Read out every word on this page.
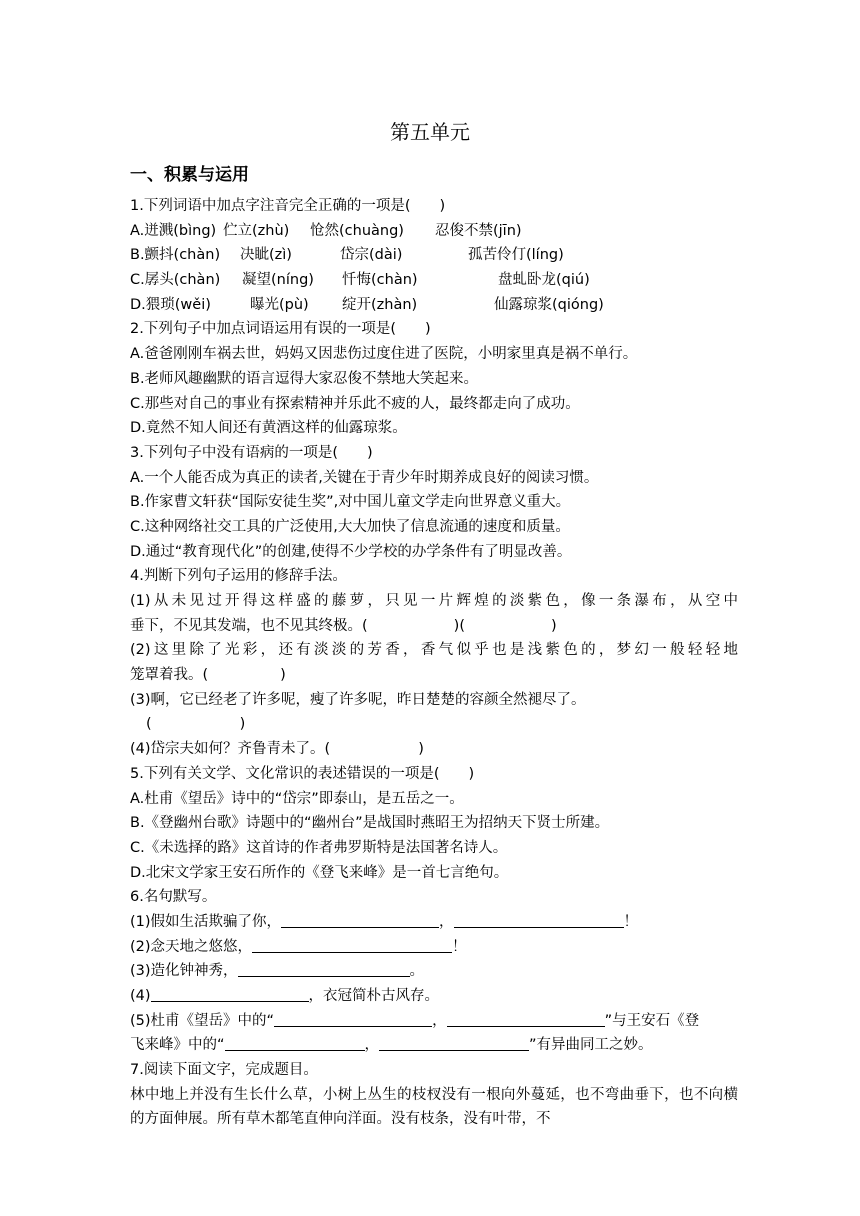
第五单元
一、积累与运用
1.下列词语中加点字注音完全正确的一项是(　　)
A.迸溅(bìng) 伫立(zhù) 怆然(chuàng) 忍俊不禁(jīn)
B.颤抖(chàn) 决眦(zì)	岱宗(dài)	孤苦伶仃(líng)
C.孱头(chàn) 凝望(níng) 忏悔(chàn)	盘虬卧龙(qiú)
D.猥琐(wěi)	曝光(pù) 绽开(zhàn)	仙露琼浆(qióng)
2.下列句子中加点词语运用有误的一项是(　　)
A.爸爸刚刚车祸去世，妈妈又因悲伤过度住进了医院，小明家里真是祸不单行。
B.老师风趣幽默的语言逗得大家忍俊不禁地大笑起来。
C.那些对自己的事业有探索精神并乐此不疲的人，最终都走向了成功。
D.竟然不知人间还有黄酒这样的仙露琼浆。
3.下列句子中没有语病的一项是(　　)
A.一个人能否成为真正的读者,关键在于青少年时期养成良好的阅读习惯。
B.作家曹文轩获“国际安徒生奖”,对中国儿童文学走向世界意义重大。
C.这种网络社交工具的广泛使用,大大加快了信息流通的速度和质量。
D.通过“教育现代化”的创建,使得不少学校的办学条件有了明显改善。
4.判断下列句子运用的修辞手法。
(1)从未见过开得这样盛的藤萝，只见一片辉煌的淡紫色，像一条瀑布，从空中
垂下，不见其发端，也不见其终极。(	)(	)
(2)这里除了光彩，还有淡淡的芳香，香气似乎也是浅紫色的，梦幻一般轻轻地
笼罩着我。(	)
(3)啊，它已经老了许多呢，瘦了许多呢，昨日楚楚的容颜全然褪尽了。
(	)
(4)岱宗夫如何？齐鲁青未了。(	)
5.下列有关文学、文化常识的表述错误的一项是(　　)
A.杜甫《望岳》诗中的“岱宗”即泰山，是五岳之一。
B.《登幽州台歌》诗题中的“幽州台”是战国时燕昭王为招纳天下贤士所建。
C.《未选择的路》这首诗的作者弗罗斯特是法国著名诗人。
D.北宋文学家王安石所作的《登飞来峰》是一首七言绝句。
6.名句默写。
(1)假如生活欺骗了你，	，	！
(2)念天地之悠悠，	！
(3)造化钟神秀，	。
(4)	，衣冠简朴古风存。
(5)杜甫《望岳》中的“	，	”与王安石《登
飞来峰》中的“	，	”有异曲同工之妙。
7.阅读下面文字，完成题目。
林中地上并没有生长什么草，小树上丛生的枝杈没有一根向外蔓延，也不弯曲垂下，也不向横的方面伸展。所有草木都笔直伸向洋面。没有枝条，没有叶带，不
